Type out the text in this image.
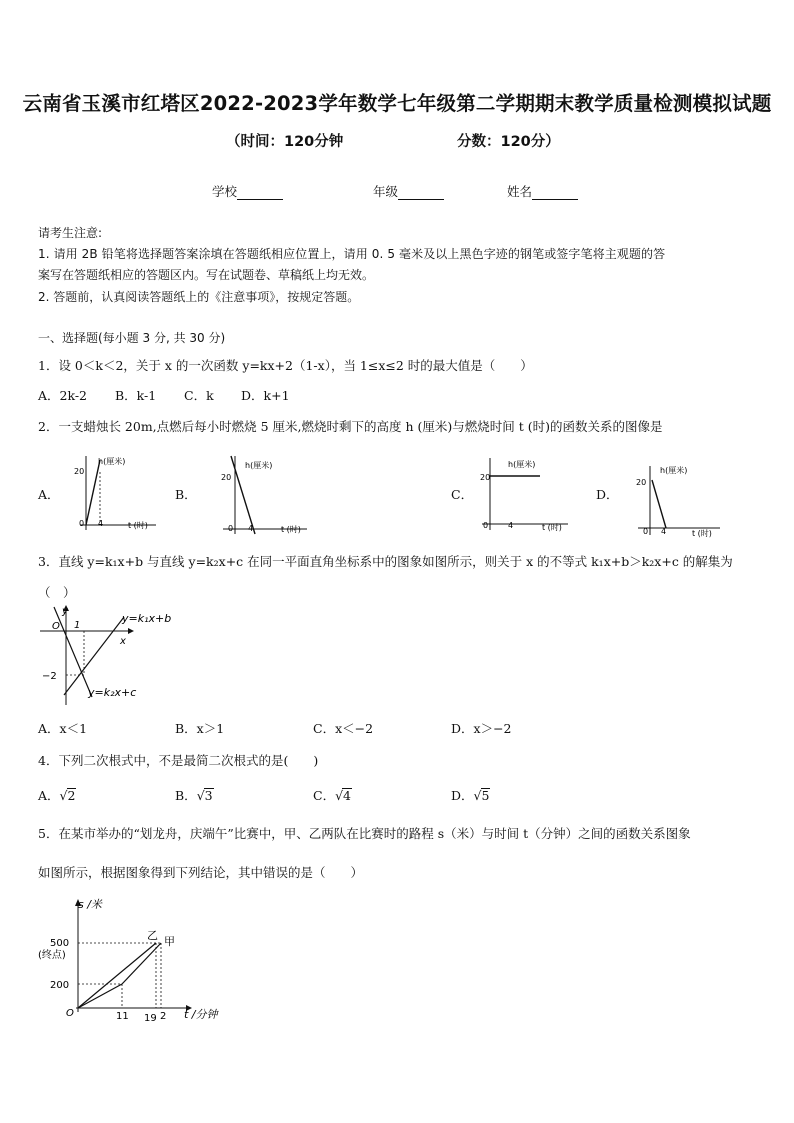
云南省玉溪市红塔区2022-2023学年数学七年级第二学期期末教学质量检测模拟试题
（时间：120分钟	分数：120分）
学校	年级	姓名
请考生注意:
1. 请用 2B 铅笔将选择题答案涂填在答题纸相应位置上，请用 0. 5 毫米及以上黑色字迹的钢笔或签字笔将主观题的答
案写在答题纸相应的答题区内。写在试题卷、草稿纸上均无效。
2. 答题前，认真阅读答题纸上的《注意事项》，按规定答题。
一、选择题(每小题 3 分, 共 30 分)
1．设 0＜k＜2，关于 x 的一次函数 y=kx+2（1-x），当 1≤x≤2 时的最大值是（　　）
A．2k-2 B．k-1 C．k D．k+1
2．一支蜡烛长 20m,点燃后每小时燃烧 5 厘米,燃烧时剩下的高度 h (厘米)与燃烧时间 t (时)的函数关系的图像是
A．
20
h(厘米)
0 4	t (时)
B．
20
h(厘米)
0 4	t (时)
C．
20
h(厘米)
0 4	t (时)
D．
20
h(厘米)
0 4	t (时)
3．直线 y=k₁x+b 与直线 y=k₂x+c 在同一平面直角坐标系中的图象如图所示，则关于 x 的不等式 k₁x+b＞k₂x+c 的解集为
（　）
y
x
O 1
−2
y=k₁x+b
y=k₂x+c
A．x＜1	B．x＞1	C．x＜−2	D．x＞−2
4．下列二次根式中，不是最简二次根式的是(　　)
A．√2	B．√3	C．√4	D．√5
5．在某市举办的“划龙舟，庆端午”比赛中，甲、乙两队在比赛时的路程 s（米）与时间 t（分钟）之间的函数关系图象
如图所示，根据图象得到下列结论，其中错误的是（　　）
s /米
t /分钟
500
(终点)
200
O	11 19 2
乙 甲
